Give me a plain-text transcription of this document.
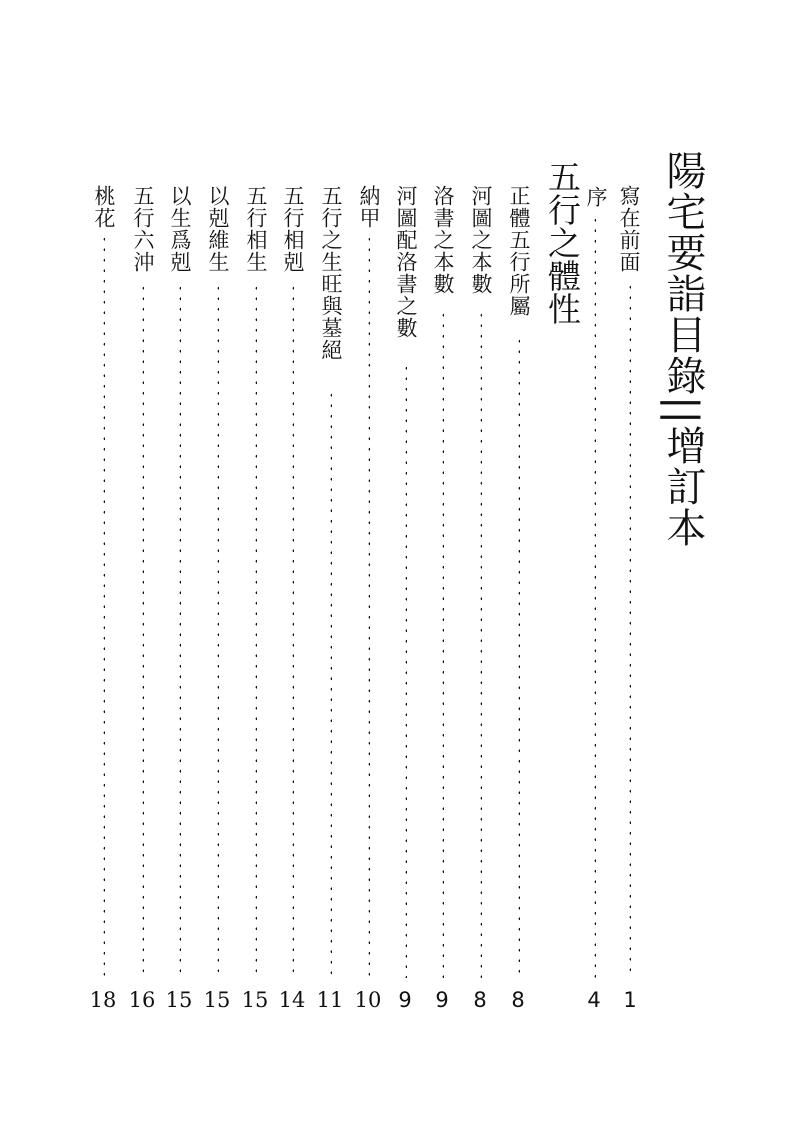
陽宅要詣目錄||增訂本
寫在前面
1
序
4
五行之體性
正體五行所屬
8
河圖之本數
8
洛書之本數
9
河圖配洛書之數
9
納甲
10
五行之生旺與墓絕
11
五行相剋
14
五行相生
15
以剋維生
15
以生爲剋
15
五行六沖
16
桃花
18
